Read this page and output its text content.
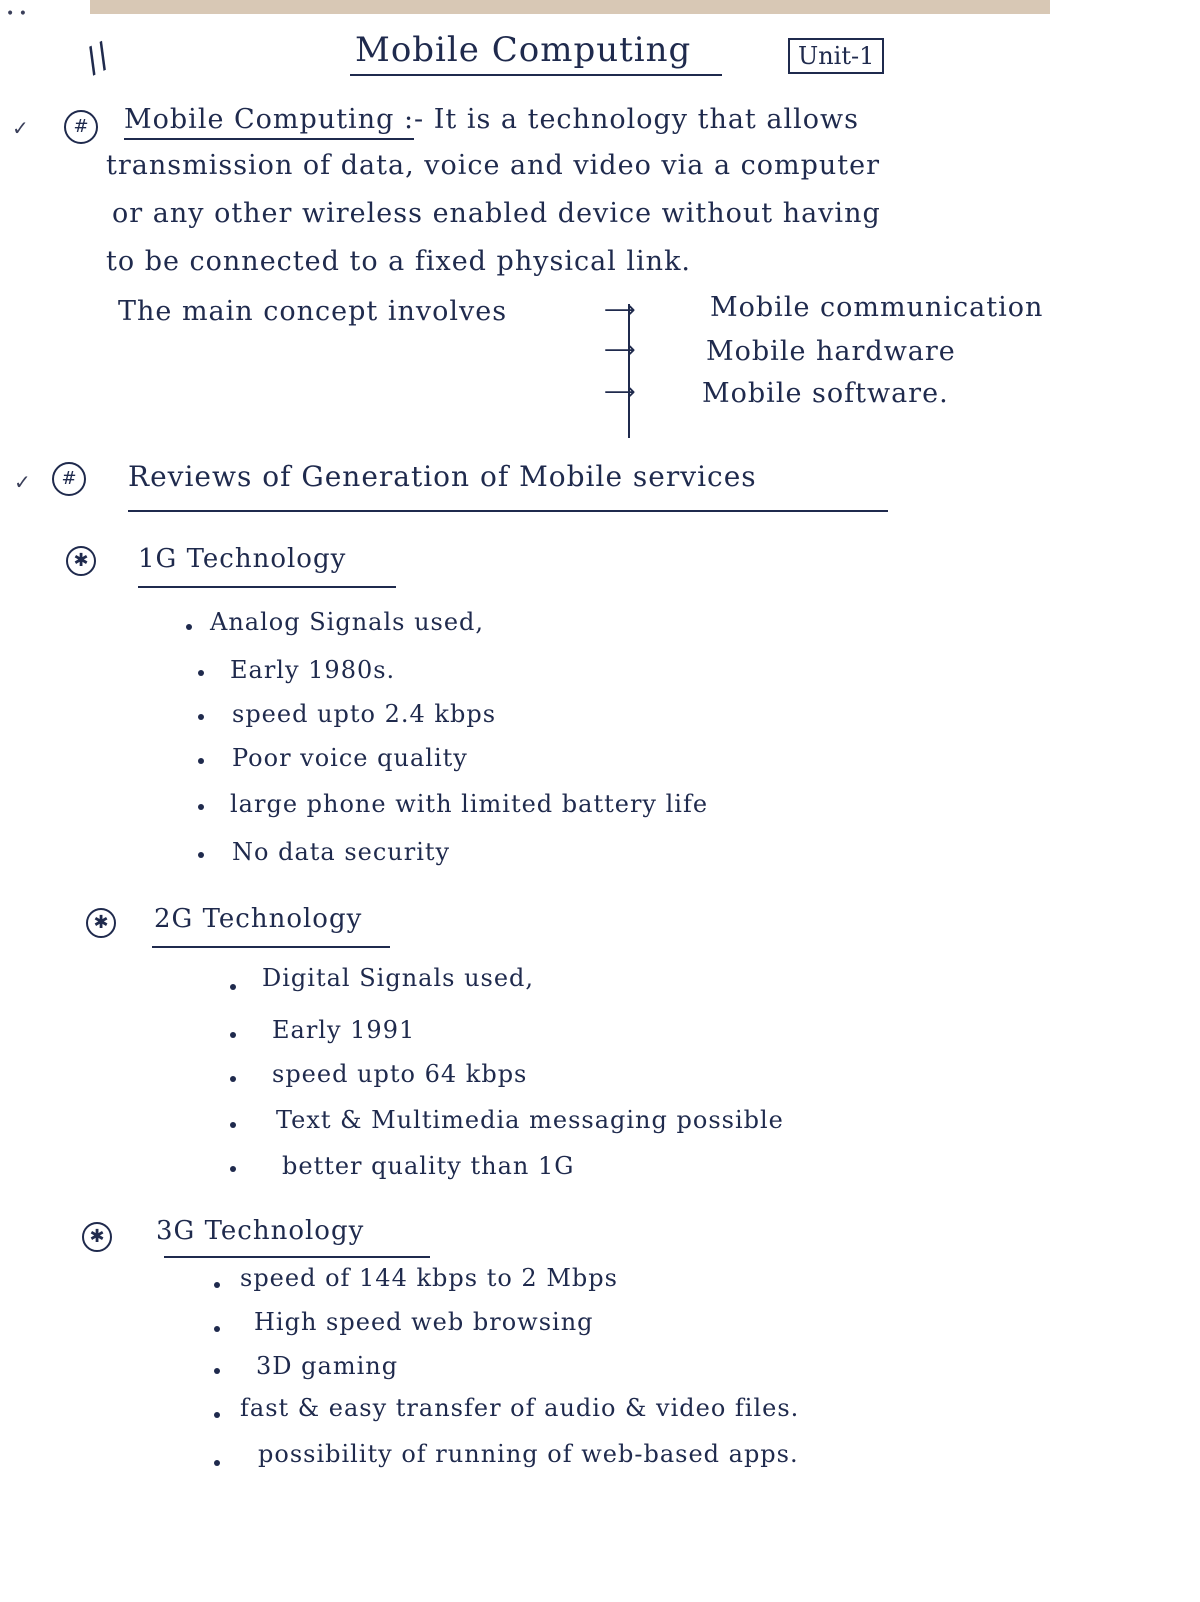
• •
//	Mobile Computing	Unit-1
✓	#	Mobile Computing :- It is a technology that allows
transmission of data, voice and video via a computer
or any other wireless enabled device without having
to be connected to a fixed physical link.
The main concept involves	⟶
⟶
⟶
Mobile communication
Mobile hardware
Mobile software.
✓	#	Reviews of Generation of Mobile services
✱ 1G Technology
Analog Signals used,
Early 1980s.
speed upto 2.4 kbps
Poor voice quality
large phone with limited battery life
No data security
✱ 2G Technology
Digital Signals used,
Early 1991
speed upto 64 kbps
Text & Multimedia messaging possible
better quality than 1G
✱ 3G Technology
speed of 144 kbps to 2 Mbps
High speed web browsing
3D gaming
fast & easy transfer of audio & video files.
possibility of running of web-based apps.
